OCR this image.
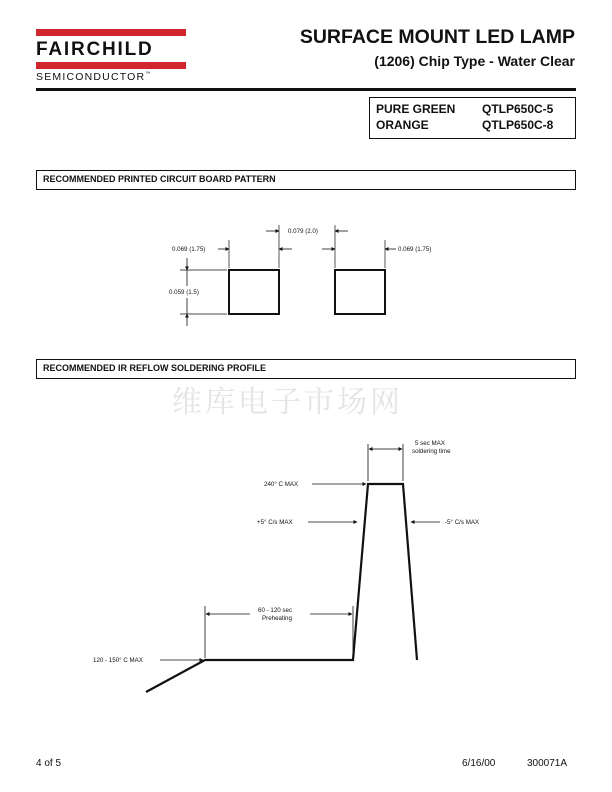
FAIRCHILD
SEMICONDUCTOR™
SURFACE MOUNT LED LAMP
(1206) Chip Type - Water Clear
PURE GREEN QTLP650C-5
ORANGE	QTLP650C-8
RECOMMENDED PRINTED CIRCUIT BOARD PATTERN
RECOMMENDED IR REFLOW SOLDERING PROFILE
维库电子市场网
0.079 (2.0)
0.069 (1.75)	0.069 (1.75)
0.059 (1.5)
5 sec MAX
soldering time
240° C MAX
+5° C/s MAX	-5° C/s MAX
60 - 120 sec
Preheating
120 - 150° C MAX
4 of 5	6/16/00	300071A
